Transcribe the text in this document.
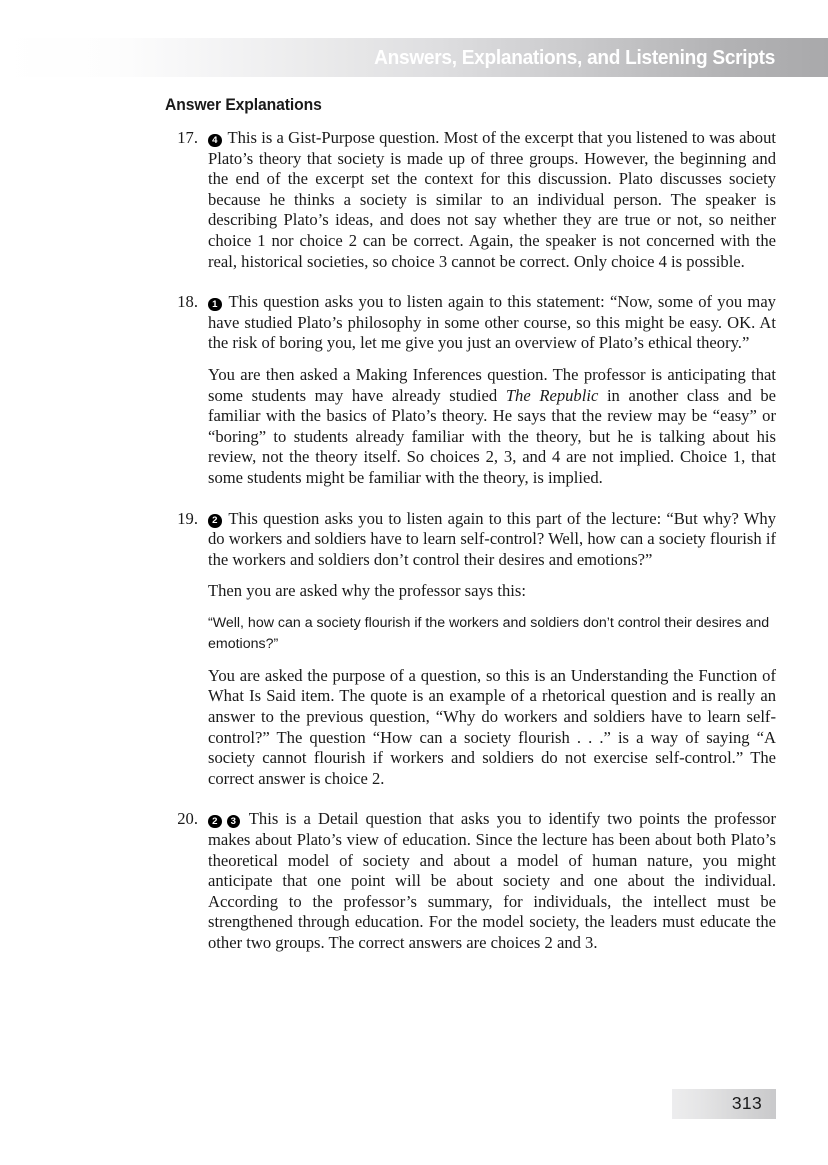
Answers, Explanations, and Listening Scripts
Answer Explanations
17.	4 This is a Gist-Purpose question. Most of the excerpt that you listened to was about Plato’s theory that society is made up of three groups. However, the beginning and the end of the excerpt set the context for this discussion. Plato discusses society because he thinks a society is similar to an individual person. The speaker is describing Plato’s ideas, and does not say whether they are true or not, so neither choice 1 nor choice 2 can be correct. Again, the speaker is not concerned with the real, historical societies, so choice 3 cannot be correct. Only choice 4 is possible.

18.	1 This question asks you to listen again to this statement: “Now, some of you may have studied Plato’s philosophy in some other course, so this might be easy. OK. At the risk of boring you, let me give you just an overview of Plato’s ethical theory.”

You are then asked a Making Inferences question. The professor is anticipating that some students may have already studied The Republic in another class and be familiar with the basics of Plato’s theory. He says that the review may be “easy” or “boring” to students already familiar with the theory, but he is talking about his review, not the theory itself. So choices 2, 3, and 4 are not implied. Choice 1, that some students might be familiar with the theory, is implied.

19.	2 This question asks you to listen again to this part of the lecture: “But why? Why do workers and soldiers have to learn self-control? Well, how can a society flourish if the workers and soldiers don’t control their desires and emotions?”

Then you are asked why the professor says this:

“Well, how can a society flourish if the workers and soldiers don’t control their desires and emotions?”

You are asked the purpose of a question, so this is an Understanding the Function of What Is Said item. The quote is an example of a rhetorical question and is really an answer to the previous question, “Why do workers and soldiers have to learn self-control?” The question “How can a society flourish . . .” is a way of saying “A society cannot flourish if workers and soldiers do not exercise self-control.” The correct answer is choice 2.

20.	2 3 This is a Detail question that asks you to identify two points the professor makes about Plato’s view of education. Since the lecture has been about both Plato’s theoretical model of society and about a model of human nature, you might anticipate that one point will be about society and one about the individual. According to the professor’s summary, for individuals, the intellect must be strengthened through education. For the model society, the leaders must educate the other two groups. The correct answers are choices 2 and 3.

313
